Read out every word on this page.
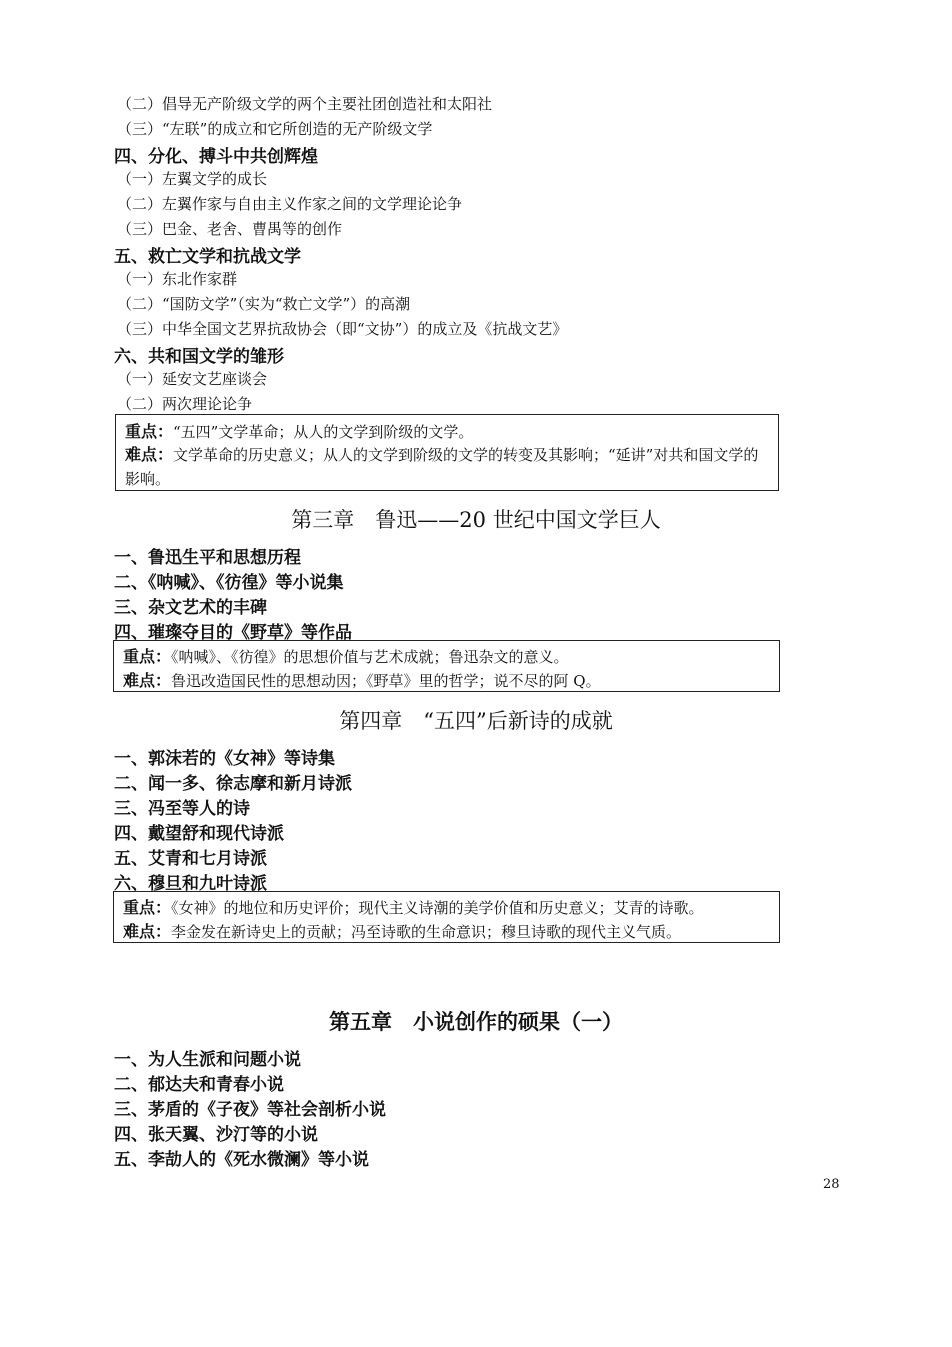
（二）倡导无产阶级文学的两个主要社团创造社和太阳社
（三）“左联”的成立和它所创造的无产阶级文学
四、分化、搏斗中共创辉煌
（一）左翼文学的成长
（二）左翼作家与自由主义作家之间的文学理论论争
（三）巴金、老舍、曹禺等的创作
五、救亡文学和抗战文学
（一）东北作家群
（二）“国防文学”（实为“救亡文学”）的高潮
（三）中华全国文艺界抗敌协会（即“文协”）的成立及《抗战文艺》
六、共和国文学的雏形
（一）延安文艺座谈会
（二）两次理论论争
重点：“五四”文学革命；从人的文学到阶级的文学。
难点：文学革命的历史意义；从人的文学到阶级的文学的转变及其影响；“延讲”对共和国文学的影响。
第三章　鲁迅——20 世纪中国文学巨人
一、鲁迅生平和思想历程
二、《呐喊》、《彷徨》等小说集
三、杂文艺术的丰碑
四、璀璨夺目的《野草》等作品
重点：《呐喊》、《彷徨》的思想价值与艺术成就；鲁迅杂文的意义。
难点：鲁迅改造国民性的思想动因；《野草》里的哲学；说不尽的阿 Q。
第四章　“五四”后新诗的成就
一、郭沫若的《女神》等诗集
二、闻一多、徐志摩和新月诗派
三、冯至等人的诗
四、戴望舒和现代诗派
五、艾青和七月诗派
六、穆旦和九叶诗派
重点：《女神》的地位和历史评价；现代主义诗潮的美学价值和历史意义；艾青的诗歌。
难点：李金发在新诗史上的贡献；冯至诗歌的生命意识；穆旦诗歌的现代主义气质。
第五章　小说创作的硕果（一）
一、为人生派和问题小说
二、郁达夫和青春小说
三、茅盾的《子夜》等社会剖析小说
四、张天翼、沙汀等的小说
五、李劼人的《死水微澜》等小说
28
